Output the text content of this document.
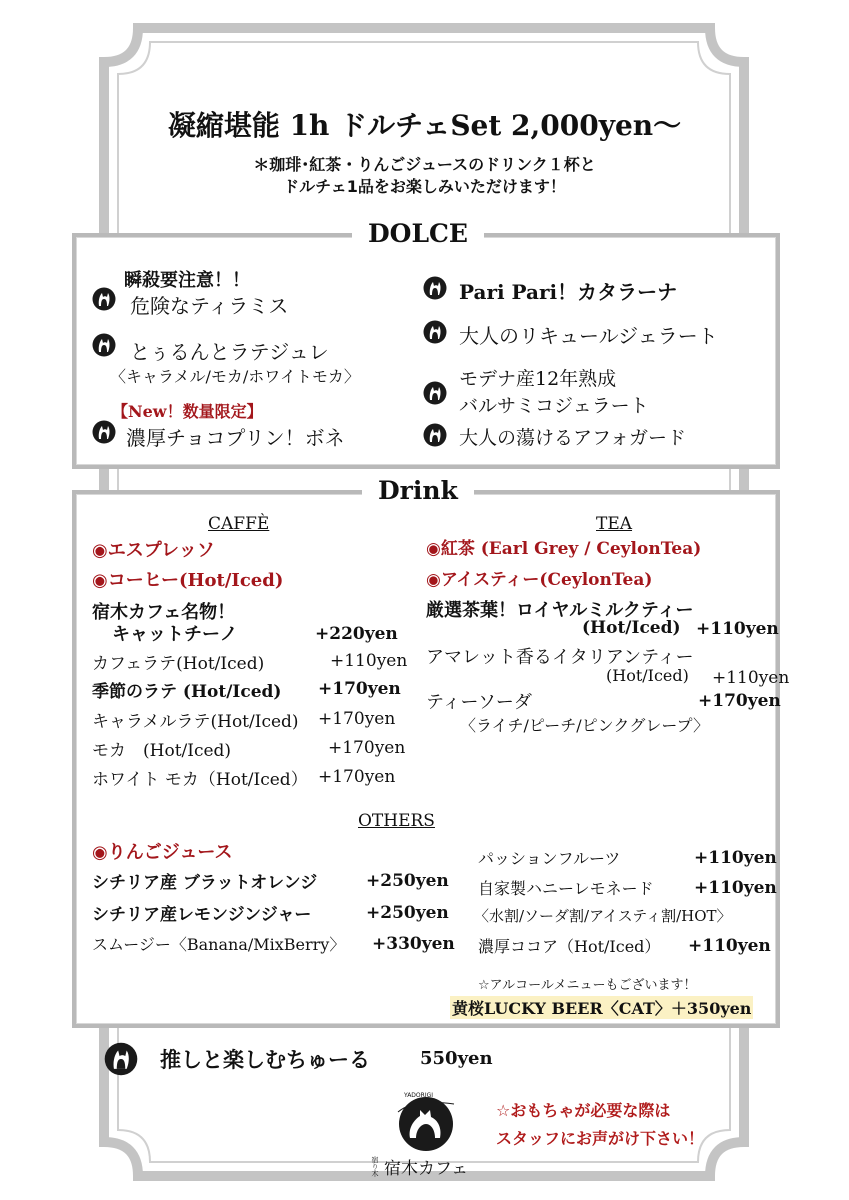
凝縮堪能 1h ドルチェSet 2,000yen〜
＊珈琲･紅茶・りんごジュースのドリンク１杯と
ドルチェ1品をお楽しみいただけます！
DOLCE
瞬殺要注意！！
危険なティラミス
とぅるんとラテジュレ
〈キャラメル/モカ/ホワイトモカ〉
【New！数量限定】
濃厚チョコプリン！ボネ
Pari Pari！カタラーナ
大人のリキュールジェラート
モデナ産12年熟成
バルサミコジェラート
大人の蕩けるアフォガード
Drink
CAFFÈ
◉エスプレッソ
◉コーヒー(Hot/Iced)
宿木カフェ名物！
キャットチーノ	+220yen
カフェラテ(Hot/Iced)	+110yen
季節のラテ (Hot/Iced) +170yen
キャラメルラテ(Hot/Iced) +170yen
モカ　(Hot/Iced)	+170yen
ホワイト モカ（Hot/Iced） +170yen
TEA
◉紅茶 (Earl Grey / CeylonTea)
◉アイスティー(CeylonTea)
厳選茶葉！ロイヤルミルクティー
(Hot/Iced) +110yen
アマレット香るイタリアンティー
(Hot/Iced) +110yen
ティーソーダ	+170yen
〈ライチ/ピーチ/ピンクグレープ〉
OTHERS
◉りんごジュース
シチリア産 ブラットオレンジ	+250yen
シチリア産レモンジンジャー	+250yen
スムージー〈Banana/MixBerry〉 +330yen
パッションフルーツ	+110yen
自家製ハニーレモネード +110yen
〈水割/ソーダ割/アイスティ割/HOT〉
濃厚ココア（Hot/Iced） +110yen
☆アルコールメニューもございます！
黄桜LUCKY BEER〈CAT〉＋350yen
推しと楽しむちゅーる	550yen
YADORIGI
宿り木 宿木カフェ
☆おもちゃが必要な際は
スタッフにお声がけ下さい！
